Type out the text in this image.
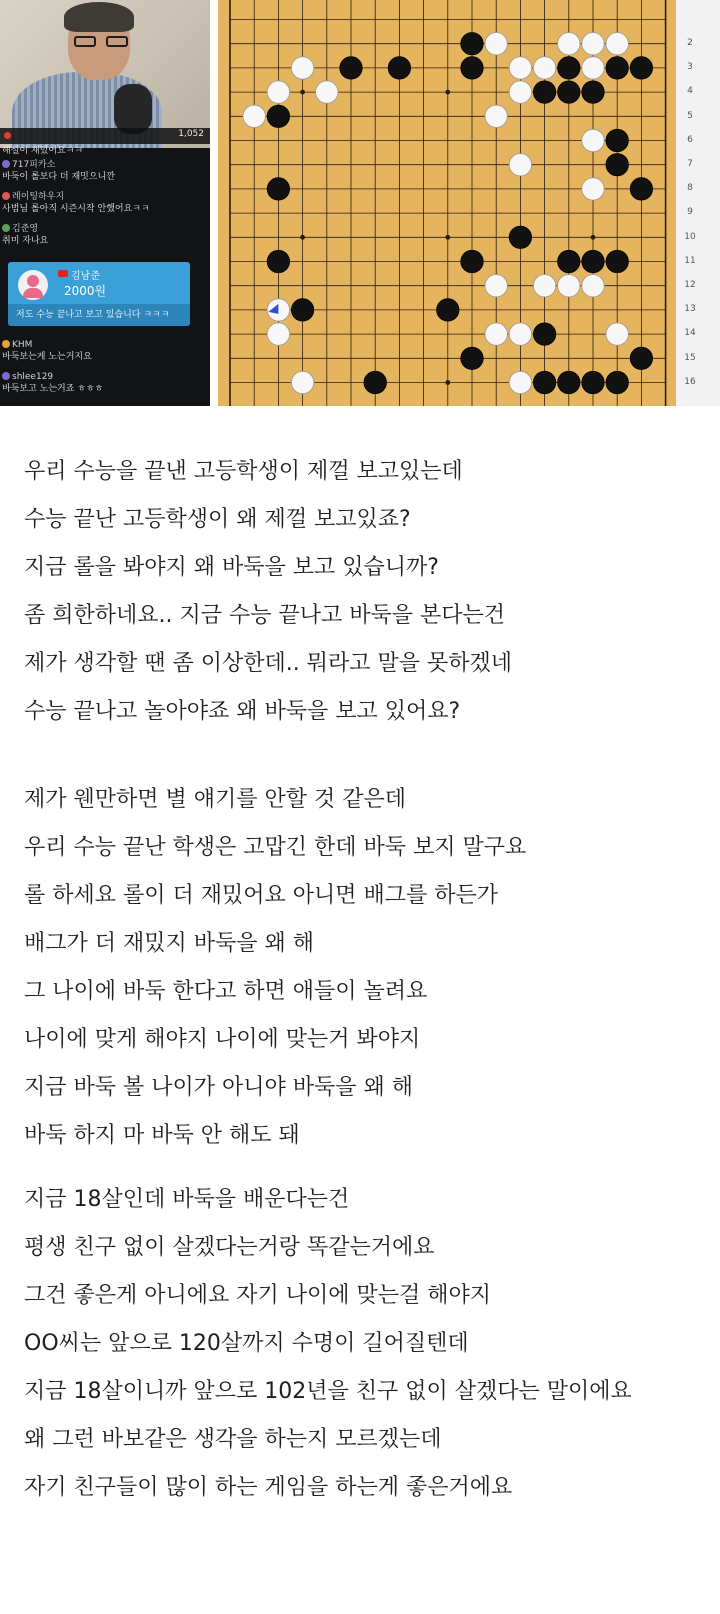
1,052
해설이 재밌어요ㅋㅋ
717피카소
바둑이 롤보다 더 재밋으니깐
레이팅하우지
사범님 롤아직 시즌시작 안했어요ㅋㅋ
김준영
취미 자나요
김남준
2000원
저도 수능 끝나고 보고 있습니다 ㅋㅋㅋ
KHM
바둑보는게 노는거지요
shlee129
바둑보고 노는거죠 ㅎㅎㅎ
2
3
4
5
6
7
8
9
10
11
12
13
14
15
16

우리 수능을 끝낸 고등학생이 제껄 보고있는데

수능 끝난 고등학생이 왜 제껄 보고있죠?

지금 롤을 봐야지 왜 바둑을 보고 있습니까?

좀 희한하네요.. 지금 수능 끝나고 바둑을 본다는건

제가 생각할 땐 좀 이상한데.. 뭐라고 말을 못하겠네

수능 끝나고 놀아야죠 왜 바둑을 보고 있어요?

제가 웬만하면 별 얘기를 안할 것 같은데

우리 수능 끝난 학생은 고맙긴 한데 바둑 보지 말구요

롤 하세요 롤이 더 재밌어요 아니면 배그를 하든가

배그가 더 재밌지 바둑을 왜 해

그 나이에 바둑 한다고 하면 애들이 놀려요

나이에 맞게 해야지 나이에 맞는거 봐야지

지금 바둑 볼 나이가 아니야 바둑을 왜 해

바둑 하지 마 바둑 안 해도 돼

지금 18살인데 바둑을 배운다는건

평생 친구 없이 살겠다는거랑 똑같는거에요

그건 좋은게 아니에요 자기 나이에 맞는걸 해야지

OO씨는 앞으로 120살까지 수명이 길어질텐데

지금 18살이니까 앞으로 102년을 친구 없이 살겠다는 말이에요

왜 그런 바보같은 생각을 하는지 모르겠는데

자기 친구들이 많이 하는 게임을 하는게 좋은거에요
